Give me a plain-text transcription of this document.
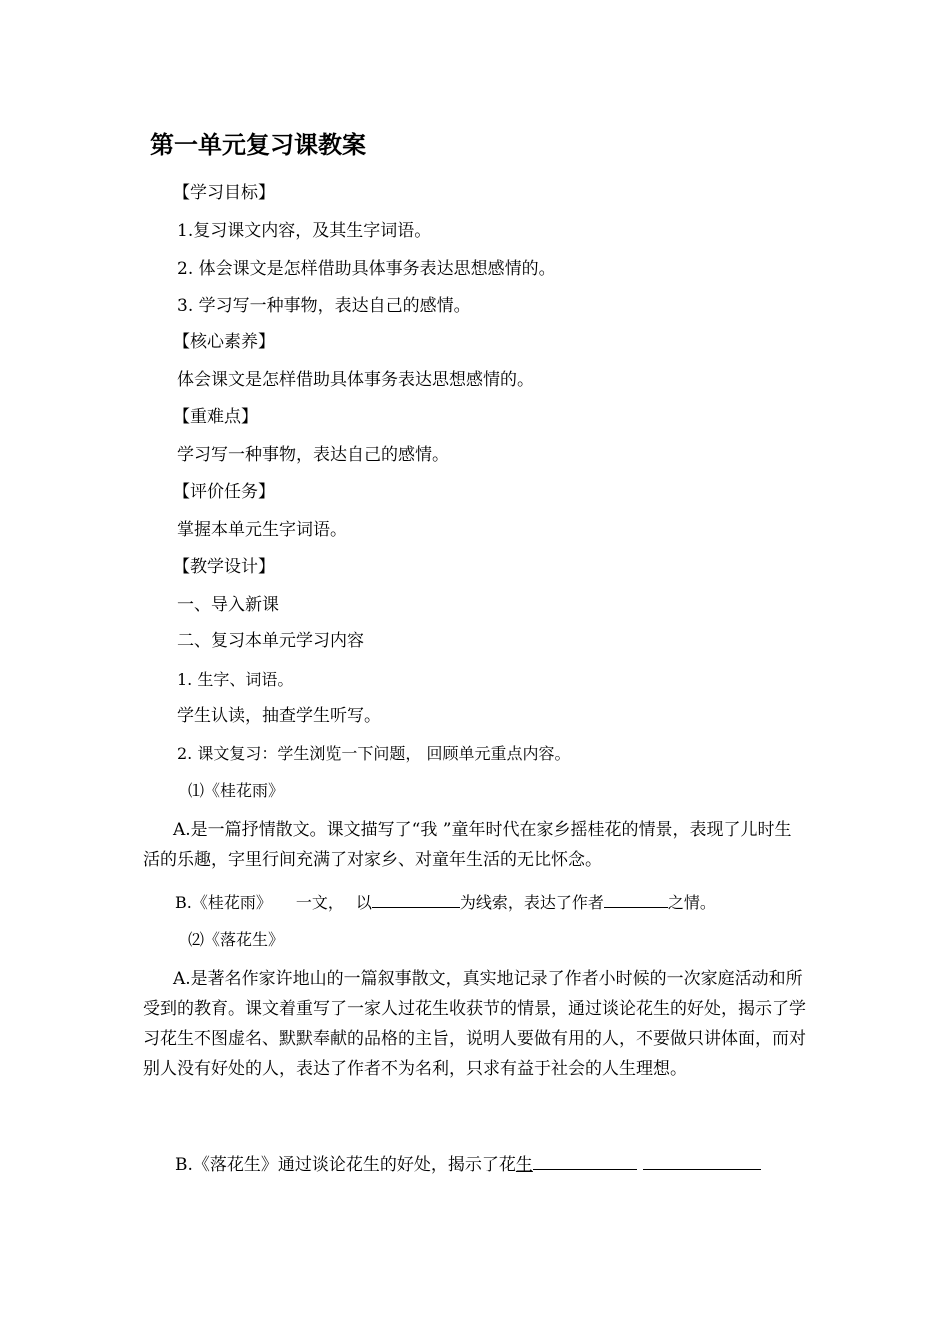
第一单元复习课教案
【学习目标】
1.复习课文内容，及其生字词语。
2. 体会课文是怎样借助具体事务表达思想感情的。
3. 学习写一种事物，表达自己的感情。
【核心素养】
体会课文是怎样借助具体事务表达思想感情的。
【重难点】
学习写一种事物，表达自己的感情。
【评价任务】
掌握本单元生字词语。
【教学设计】
一、导入新课
二、复习本单元学习内容
1. 生字、词语。
学生认读，抽查学生听写。
2. 课文复习：学生浏览一下问题， 回顾单元重点内容。
⑴《桂花雨》
A.是一篇抒情散文。课文描写了“我 ”童年时代在家乡摇桂花的情景，表现了儿时生活的乐趣，字里行间充满了对家乡、对童年生活的无比怀念。
B.《桂花雨》 一文， 以	为线索，表达了作者	之情。
⑵《落花生》
A.是著名作家许地山的一篇叙事散文，真实地记录了作者小时候的一次家庭活动和所受到的教育。课文着重写了一家人过花生收获节的情景，通过谈论花生的好处，揭示了学习花生不图虚名、默默奉献的品格的主旨，说明人要做有用的人，不要做只讲体面，而对别人没有好处的人，表达了作者不为名利，只求有益于社会的人生理想。
B.《落花生》通过谈论花生的好处，揭示了花生
